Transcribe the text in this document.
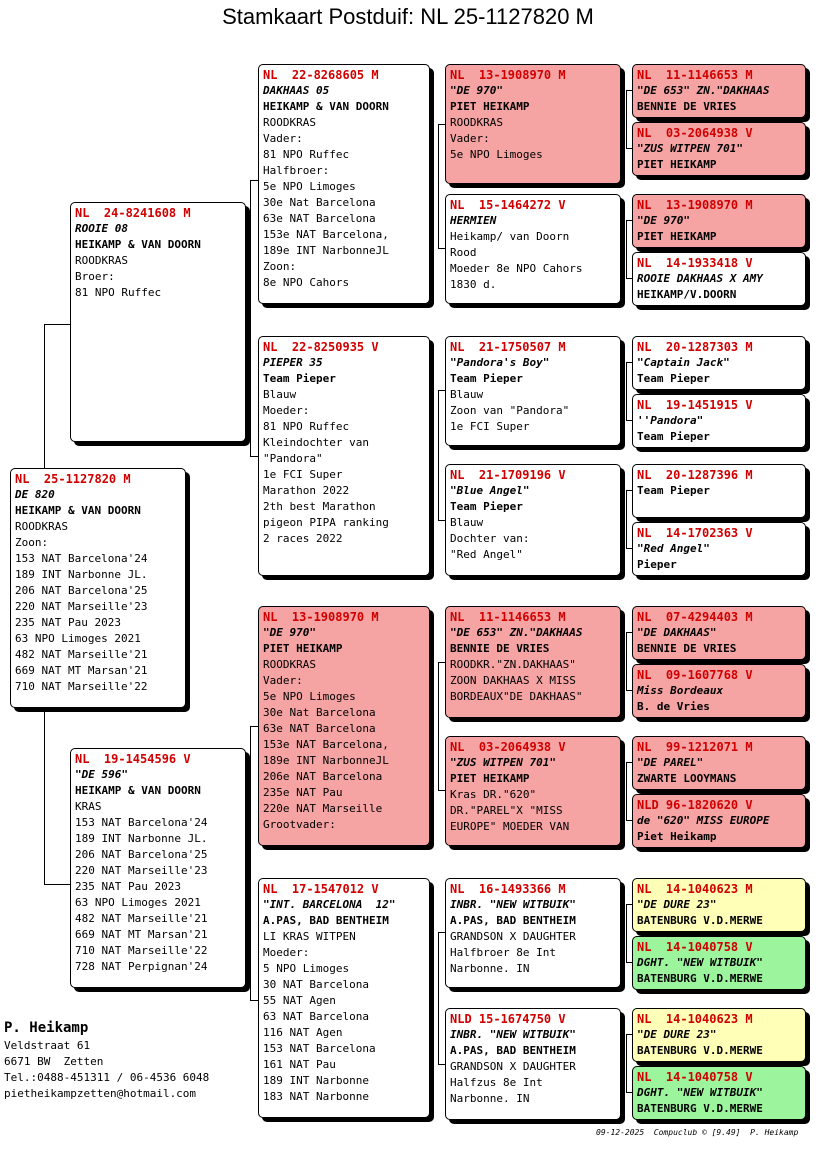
Stamkaart Postduif: NL 25-1127820 M
NL  25-1127820 M
DE 820
HEIKAMP & VAN DOORN
ROODKRAS
Zoon:
153 NAT Barcelona'24
189 INT Narbonne JL.
206 NAT Barcelona'25
220 NAT Marseille'23
235 NAT Pau 2023
63 NPO Limoges 2021
482 NAT Marseille'21
669 NAT MT Marsan'21
710 NAT Marseille'22
NL  24-8241608 M
ROOIE 08
HEIKAMP & VAN DOORN
ROODKRAS
Broer:
81 NPO Ruffec
NL  19-1454596 V
"DE 596"
HEIKAMP & VAN DOORN
KRAS
153 NAT Barcelona'24
189 INT Narbonne JL.
206 NAT Barcelona'25
220 NAT Marseille'23
235 NAT Pau 2023
63 NPO Limoges 2021
482 NAT Marseille'21
669 NAT MT Marsan'21
710 NAT Marseille'22
728 NAT Perpignan'24
NL  22-8268605 M
DAKHAAS 05
HEIKAMP & VAN DOORN
ROODKRAS
Vader:
81 NPO Ruffec
Halfbroer:
5e NPO Limoges
30e Nat Barcelona
63e NAT Barcelona
153e NAT Barcelona,
189e INT NarbonneJL
Zoon:
8e NPO Cahors
NL  22-8250935 V
PIEPER 35
Team Pieper
Blauw
Moeder:
81 NPO Ruffec
Kleindochter van
"Pandora"
1e FCI Super
Marathon 2022
2th best Marathon
pigeon PIPA ranking
2 races 2022
NL  13-1908970 M
"DE 970"
PIET HEIKAMP
ROODKRAS
Vader:
5e NPO Limoges
30e Nat Barcelona
63e NAT Barcelona
153e NAT Barcelona,
189e INT NarbonneJL
206e NAT Barcelona
235e NAT Pau
220e NAT Marseille
Grootvader:
NL  17-1547012 V
"INT. BARCELONA  12"
A.PAS, BAD BENTHEIM
LI KRAS WITPEN
Moeder:
5 NPO Limoges
30 NAT Barcelona
55 NAT Agen
63 NAT Barcelona
116 NAT Agen
153 NAT Barcelona
161 NAT Pau
189 INT Narbonne
183 NAT Narbonne
NL  13-1908970 M
"DE 970"
PIET HEIKAMP
ROODKRAS
Vader:
5e NPO Limoges
NL  15-1464272 V
HERMIEN
Heikamp/ van Doorn
Rood
Moeder 8e NPO Cahors
1830 d.
NL  21-1750507 M
"Pandora's Boy"
Team Pieper
Blauw
Zoon van "Pandora"
1e FCI Super
NL  21-1709196 V
"Blue Angel"
Team Pieper
Blauw
Dochter van:
"Red Angel"
NL  11-1146653 M
"DE 653" ZN."DAKHAAS
BENNIE DE VRIES
ROODKR."ZN.DAKHAAS"
ZOON DAKHAAS X MISS
BORDEAUX"DE DAKHAAS"
NL  03-2064938 V
"ZUS WITPEN 701"
PIET HEIKAMP
Kras DR."620"
DR."PAREL"X "MISS
EUROPE" MOEDER VAN
NL  16-1493366 M
INBR. "NEW WITBUIK"
A.PAS, BAD BENTHEIM
GRANDSON X DAUGHTER
Halfbroer 8e Int
Narbonne. IN
NLD 15-1674750 V
INBR. "NEW WITBUIK"
A.PAS, BAD BENTHEIM
GRANDSON X DAUGHTER
Halfzus 8e Int
Narbonne. IN
NL  11-1146653 M
"DE 653" ZN."DAKHAAS
BENNIE DE VRIES
NL  03-2064938 V
"ZUS WITPEN 701"
PIET HEIKAMP
NL  13-1908970 M
"DE 970"
PIET HEIKAMP
NL  14-1933418 V
ROOIE DAKHAAS X AMY
HEIKAMP/V.DOORN
NL  20-1287303 M
"Captain Jack"
Team Pieper
NL  19-1451915 V
''Pandora"
Team Pieper
NL  20-1287396 M
Team Pieper
NL  14-1702363 V
"Red Angel"
Pieper
NL  07-4294403 M
"DE DAKHAAS"
BENNIE DE VRIES
NL  09-1607768 V
Miss Bordeaux
B. de Vries
NL  99-1212071 M
"DE PAREL"
ZWARTE LOOYMANS
NLD 96-1820620 V
de "620" MISS EUROPE
Piet Heikamp
NL  14-1040623 M
"DE DURE 23"
BATENBURG V.D.MERWE
NL  14-1040758 V
DGHT. "NEW WITBUIK"
BATENBURG V.D.MERWE
NL  14-1040623 M
"DE DURE 23"
BATENBURG V.D.MERWE
NL  14-1040758 V
DGHT. "NEW WITBUIK"
BATENBURG V.D.MERWE
P. Heikamp
Veldstraat 61
6671 BW  Zetten
Tel.:0488-451311 / 06-4536 6048
pietheikampzetten@hotmail.com
09-12-2025  Compuclub © [9.49]  P. Heikamp
